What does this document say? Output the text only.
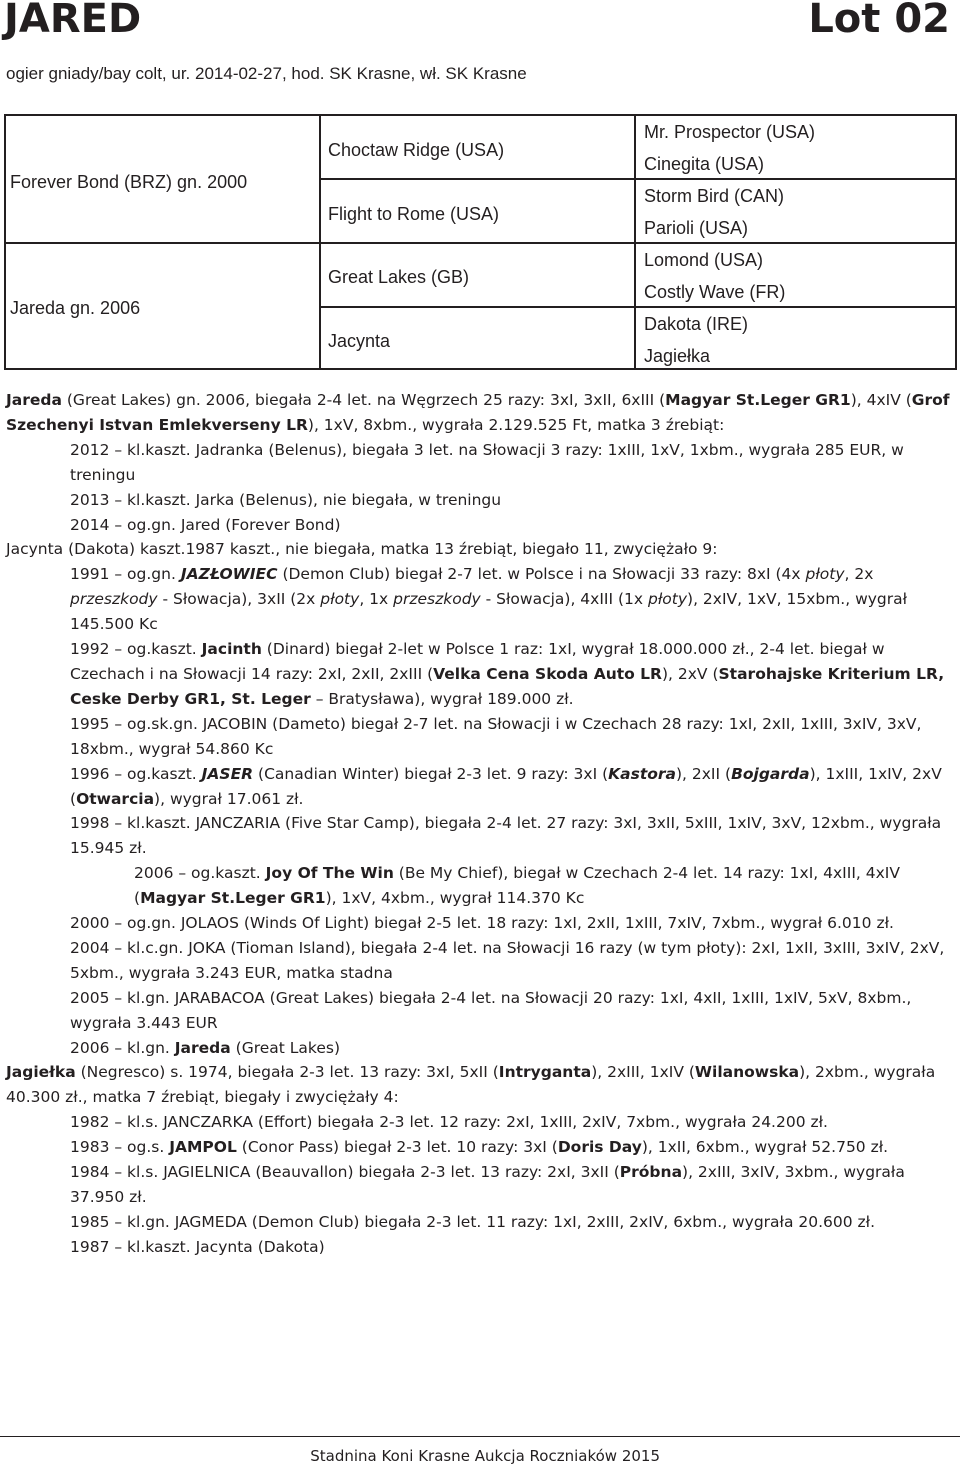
JARED	Lot 02
ogier gniady/bay colt, ur. 2014-02-27, hod. SK Krasne, wł. SK Krasne
Forever Bond (BRZ) gn. 2000
Jareda gn. 2006
Choctaw Ridge (USA)
Flight to Rome (USA)
Great Lakes (GB)
Jacynta
Mr. Prospector (USA)
Cinegita (USA)
Storm Bird (CAN)
Parioli (USA)
Lomond (USA)
Costly Wave (FR)
Dakota (IRE)
Jagiełka
Jareda (Great Lakes) gn. 2006, biegała 2-4 let. na Węgrzech 25 razy: 3xI, 3xII, 6xIII (Magyar St.Leger GR1), 4xIV (Grof Szechenyi Istvan Emlekverseny LR), 1xV, 8xbm., wygrała 2.129.525 Ft, matka 3 źrebiąt:
2012 – kl.kaszt. Jadranka (Belenus), biegała 3 let. na Słowacji 3 razy: 1xIII, 1xV, 1xbm., wygrała 285 EUR, w treningu
2013 – kl.kaszt. Jarka (Belenus), nie biegała, w treningu
2014 – og.gn. Jared (Forever Bond)
Jacynta (Dakota) kaszt.1987 kaszt., nie biegała, matka 13 źrebiąt, biegało 11, zwyciężało 9:
1991 – og.gn. JAZŁOWIEC (Demon Club) biegał 2-7 let. w Polsce i na Słowacji 33 razy: 8xI (4x płoty, 2x przeszkody - Słowacja), 3xII (2x płoty, 1x przeszkody - Słowacja), 4xIII (1x płoty), 2xIV, 1xV, 15xbm., wygrał 145.500 Kc
1992 – og.kaszt. Jacinth (Dinard) biegał 2-let w Polsce 1 raz: 1xI, wygrał 18.000.000 zł., 2-4 let. biegał w Czechach i na Słowacji 14 razy: 2xI, 2xII, 2xIII (Velka Cena Skoda Auto LR), 2xV (Starohajske Kriterium LR, Ceske Derby GR1, St. Leger – Bratysława), wygrał 189.000 zł.
1995 – og.sk.gn. JACOBIN (Dameto) biegał 2-7 let. na Słowacji i w Czechach 28 razy: 1xI, 2xII, 1xIII, 3xIV, 3xV, 18xbm., wygrał 54.860 Kc
1996 – og.kaszt. JASER (Canadian Winter) biegał 2-3 let. 9 razy: 3xI (Kastora), 2xII (Bojgarda), 1xIII, 1xIV, 2xV (Otwarcia), wygrał 17.061 zł.
1998 – kl.kaszt. JANCZARIA (Five Star Camp), biegała 2-4 let. 27 razy: 3xI, 3xII, 5xIII, 1xIV, 3xV, 12xbm., wygrała 15.945 zł.
2006 – og.kaszt. Joy Of The Win (Be My Chief), biegał w Czechach 2-4 let. 14 razy: 1xI, 4xIII, 4xIV (Magyar St.Leger GR1), 1xV, 4xbm., wygrał 114.370 Kc
2000 – og.gn. JOLAOS (Winds Of Light) biegał 2-5 let. 18 razy: 1xI, 2xII, 1xIII, 7xIV, 7xbm., wygrał 6.010 zł.
2004 – kl.c.gn. JOKA (Tioman Island), biegała 2-4 let. na Słowacji 16 razy (w tym płoty): 2xI, 1xII, 3xIII, 3xIV, 2xV, 5xbm., wygrała 3.243 EUR, matka stadna
2005 – kl.gn. JARABACOA (Great Lakes) biegała 2-4 let. na Słowacji 20 razy: 1xI, 4xII, 1xIII, 1xIV, 5xV, 8xbm., wygrała 3.443 EUR
2006 – kl.gn. Jareda (Great Lakes)
Jagiełka (Negresco) s. 1974, biegała 2-3 let. 13 razy: 3xI, 5xII (Intryganta), 2xIII, 1xIV (Wilanowska), 2xbm., wygrała 40.300 zł., matka 7 źrebiąt, biegały i zwyciężały 4:
1982 – kl.s. JANCZARKA (Effort) biegała 2-3 let. 12 razy: 2xI, 1xIII, 2xIV, 7xbm., wygrała 24.200 zł.
1983 – og.s. JAMPOL (Conor Pass) biegał 2-3 let. 10 razy: 3xI (Doris Day), 1xII, 6xbm., wygrał 52.750 zł.
1984 – kl.s. JAGIELNICA (Beauvallon) biegała 2-3 let. 13 razy: 2xI, 3xII (Próbna), 2xIII, 3xIV, 3xbm., wygrała 37.950 zł.
1985 – kl.gn. JAGMEDA (Demon Club) biegała 2-3 let. 11 razy: 1xI, 2xIII, 2xIV, 6xbm., wygrała 20.600 zł.
1987 – kl.kaszt. Jacynta (Dakota)
Stadnina Koni Krasne Aukcja Roczniaków 2015
